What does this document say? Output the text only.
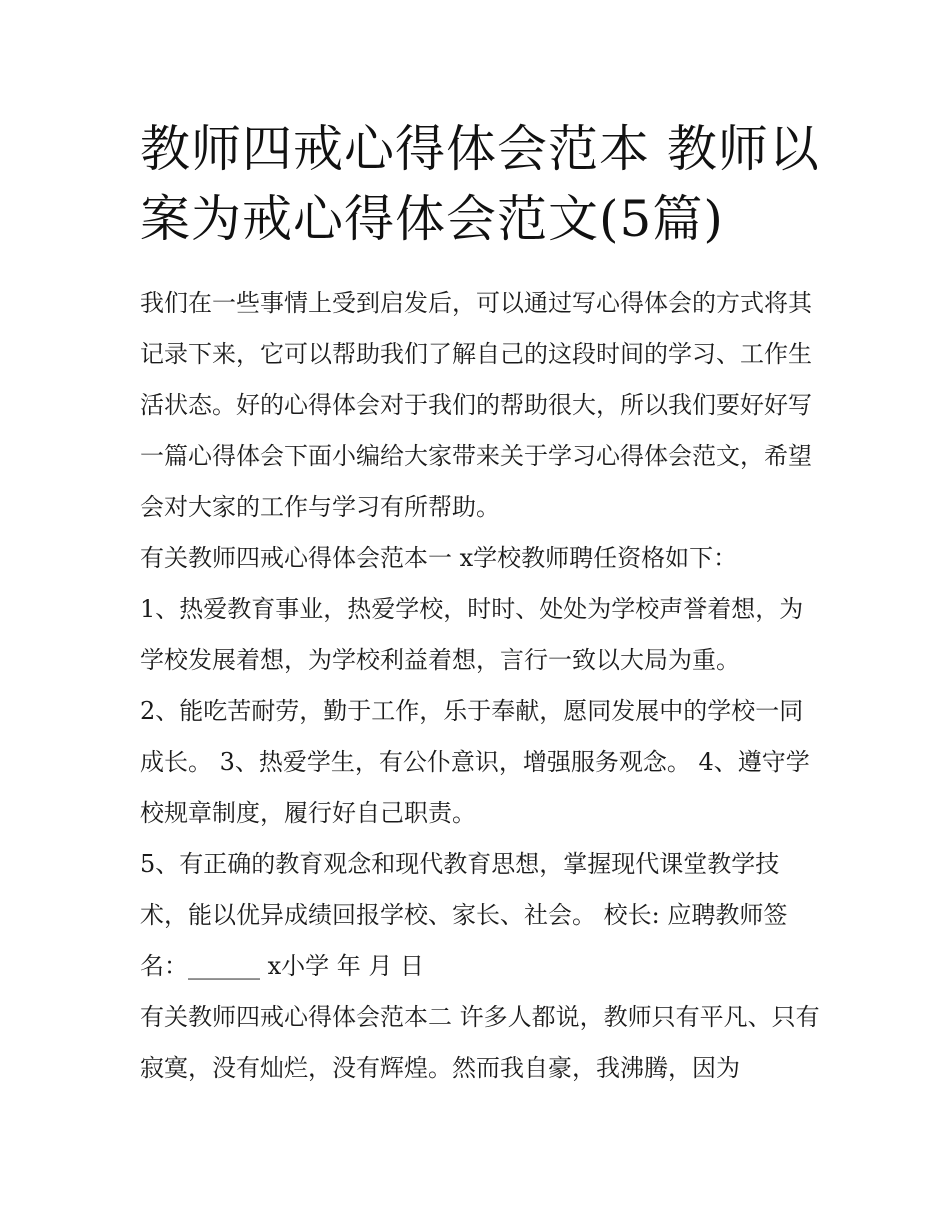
教师四戒心得体会范本 教师以案为戒心得体会范文(5篇)

我们在一些事情上受到启发后，可以通过写心得体会的方式将其记录下来，它可以帮助我们了解自己的这段时间的学习、工作生活状态。好的心得体会对于我们的帮助很大，所以我们要好好写一篇心得体会下面小编给大家带来关于学习心得体会范文，希望会对大家的工作与学习有所帮助。

有关教师四戒心得体会范本一 x学校教师聘任资格如下：

1、热爱教育事业，热爱学校，时时、处处为学校声誉着想，为学校发展着想，为学校利益着想，言行一致以大局为重。

2、能吃苦耐劳，勤于工作，乐于奉献，愿同发展中的学校一同成长。 3、热爱学生，有公仆意识，增强服务观念。 4、遵守学校规章制度，履行好自己职责。

5、有正确的教育观念和现代教育思想，掌握现代课堂教学技术，能以优异成绩回报学校、家长、社会。 校长: 应聘教师签名：______ x小学 年 月 日

有关教师四戒心得体会范本二 许多人都说，教师只有平凡、只有寂寞，没有灿烂，没有辉煌。然而我自豪，我沸腾，因为
